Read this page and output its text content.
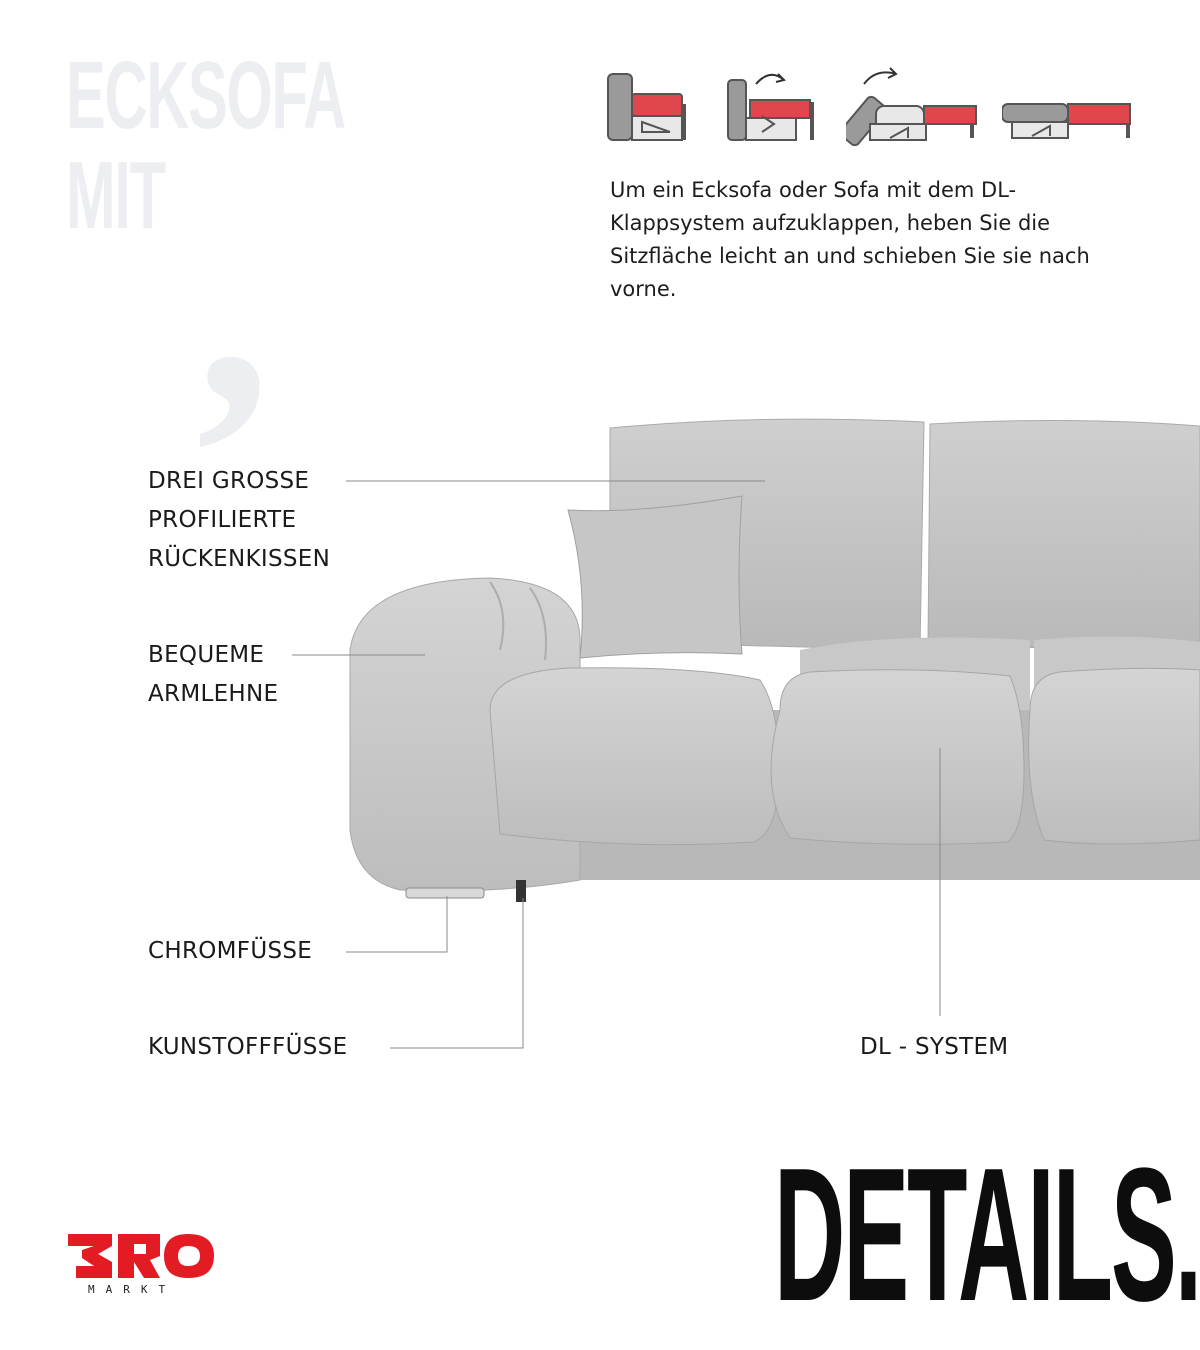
ECKSOFA
MIT ,	Um ein Ecksofa oder Sofa mit dem DL-Klappsystem aufzuklappen, heben Sie die Sitzfläche leicht an und schieben Sie sie nach vorne.
DREI GROSSE
PROFILIERTE
RÜCKENKISSEN
BEQUEME
ARMLEHNE
CHROMFÜSSE
KUNSTOFFFÜSSE	DL - SYSTEM
DETAILS.
MARKT
